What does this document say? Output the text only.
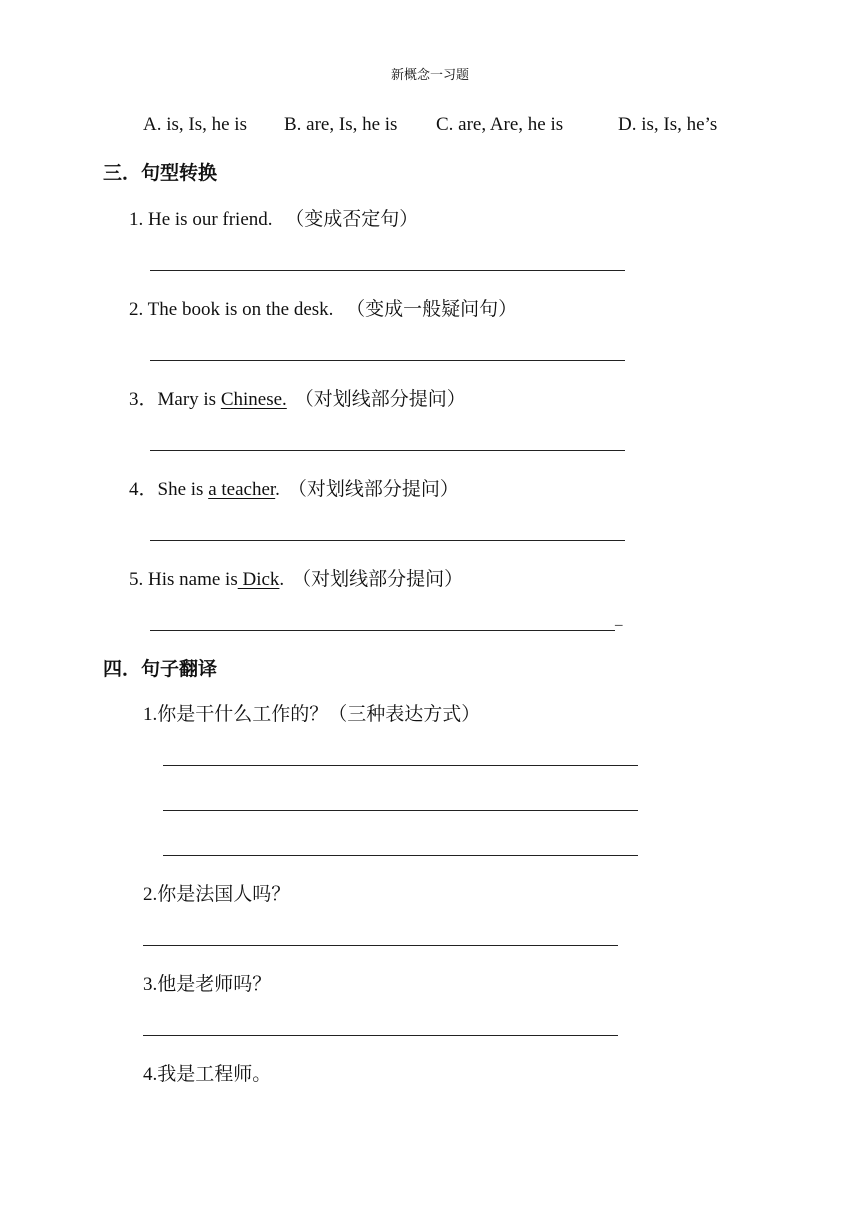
新概念一习题
A. is, Is, he is B. are, Is, he is C. are, Are, he is	D. is, Is, he’s
三．句型转换
1. He is our friend. （变成否定句）
2. The book is on the desk. （变成一般疑问句）
3．Mary is Chinese. （对划线部分提问）
4．She is a teacher. （对划线部分提问）
5. His name is Dick. （对划线部分提问）
_
四．句子翻译
1.你是干什么工作的？（三种表达方式）
2.你是法国人吗？
3.他是老师吗？
4.我是工程师。
